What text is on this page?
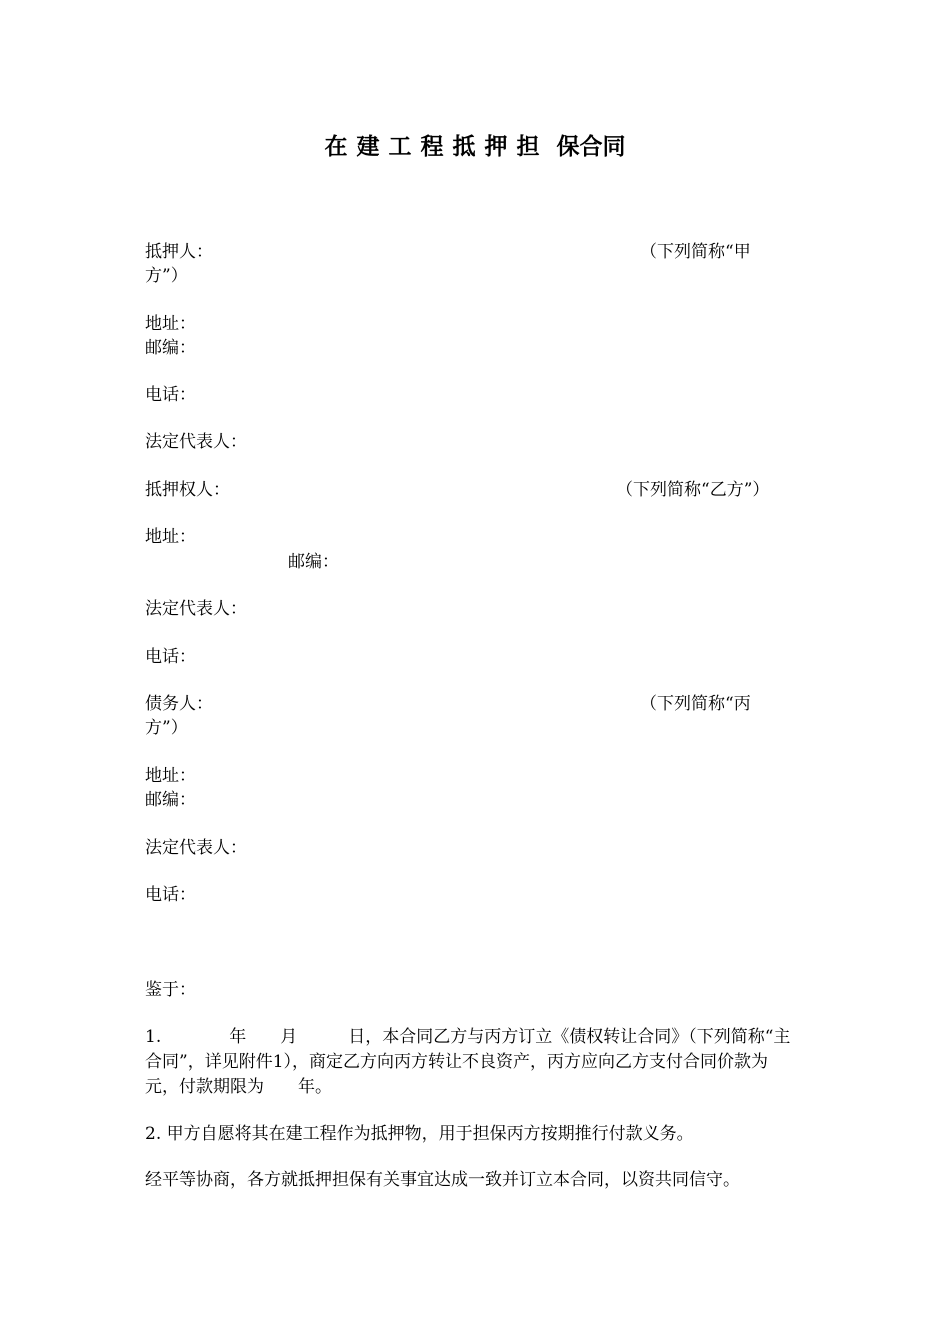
在建工程抵押担 保合同
抵押人：	（下列简称“甲
方”）
地址：
邮编：
电话：
法定代表人：
抵押权人：	（下列简称“乙方”）
地址：
邮编：
法定代表人：
电话：
债务人：	（下列简称“丙
方”）
地址：
邮编：
法定代表人：
电话：
鉴于：
1.　　　　年　　月　　　日，本合同乙方与丙方订立《债权转让合同》（下列简称“主合同”，详见附件1），商定乙方向丙方转让不良资产，丙方应向乙方支付合同价款为　　　元，付款期限为　　年。
2. 甲方自愿将其在建工程作为抵押物，用于担保丙方按期推行付款义务。
经平等协商，各方就抵押担保有关事宜达成一致并订立本合同，以资共同信守。
